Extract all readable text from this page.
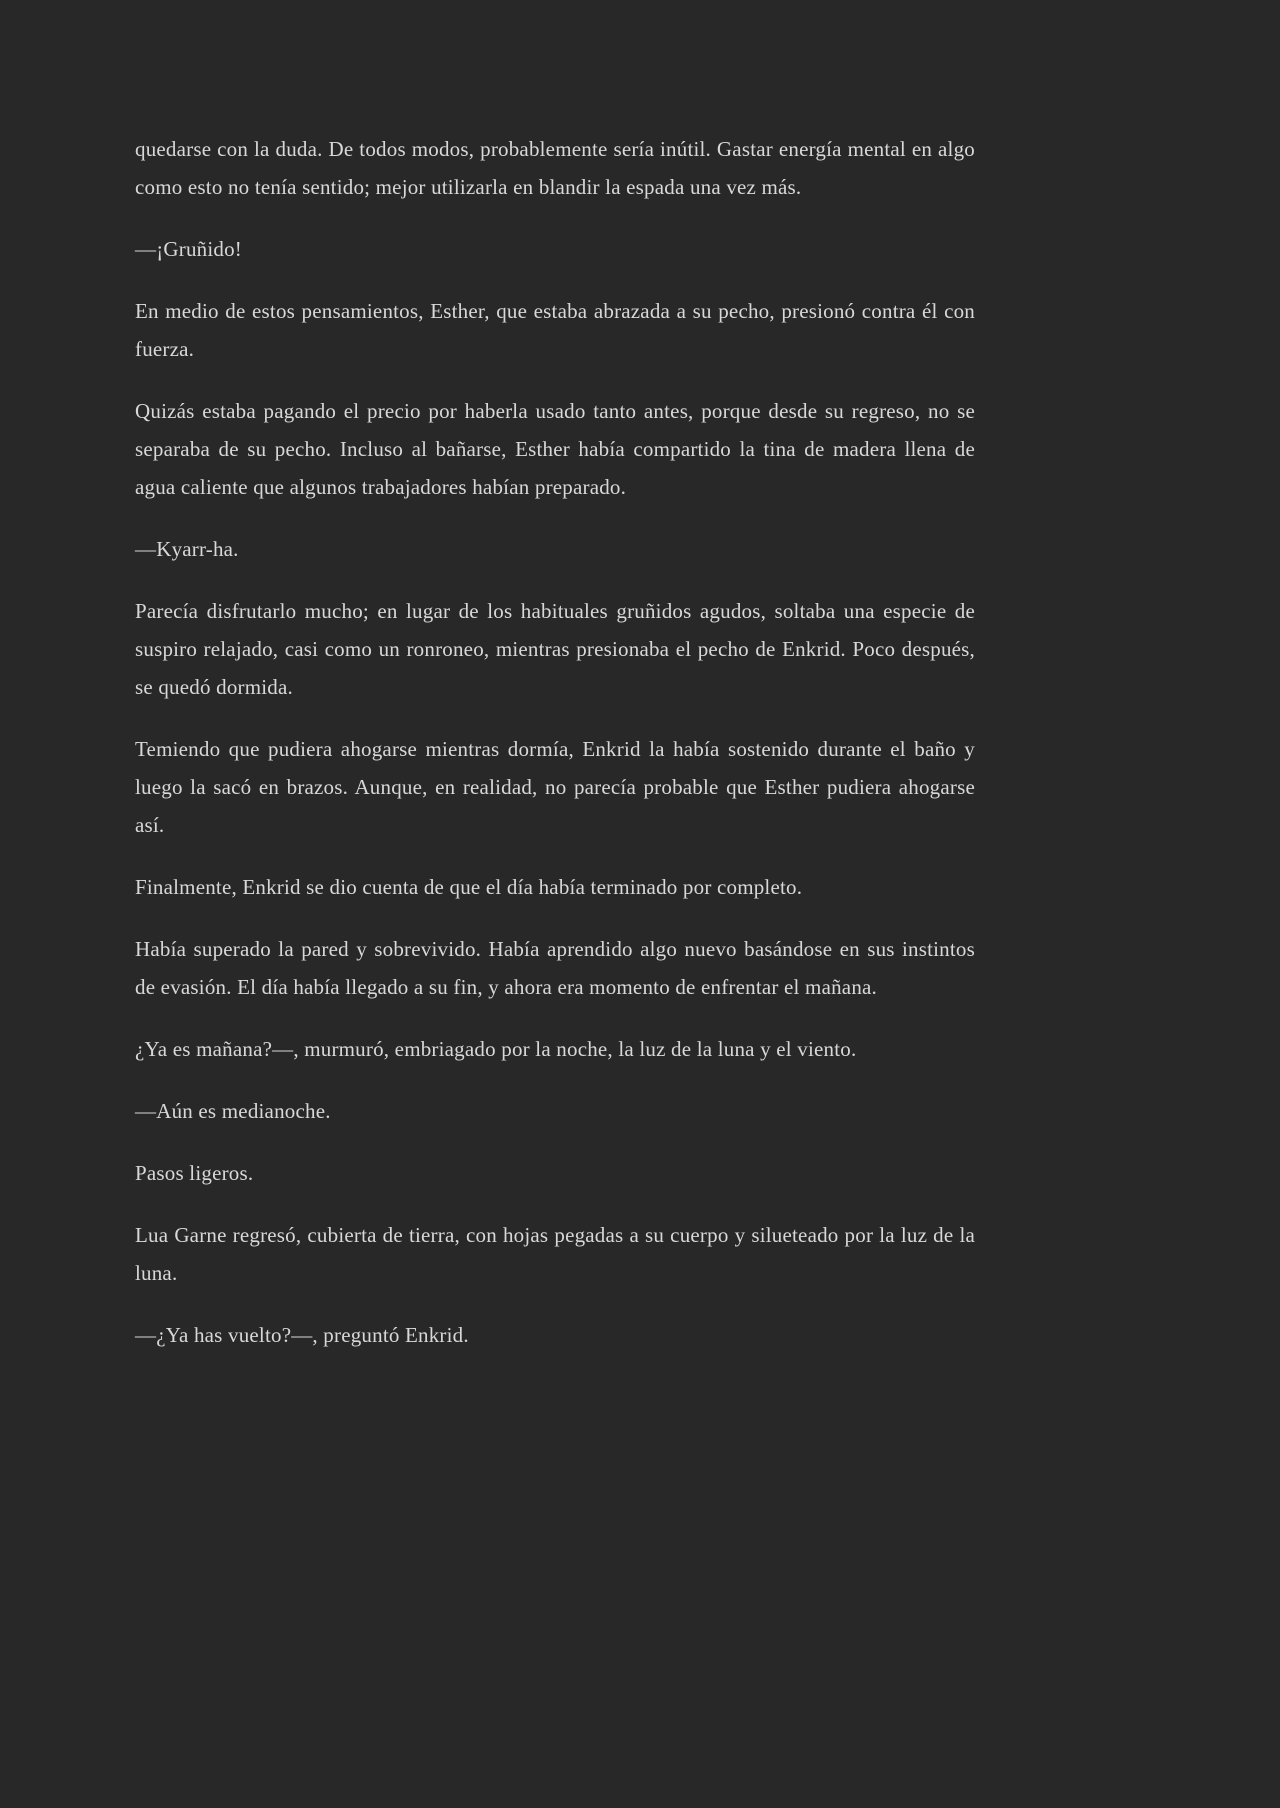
quedarse con la duda. De todos modos, probablemente sería inútil. Gastar energía mental en algo como esto no tenía sentido; mejor utilizarla en blandir la espada una vez más.

—¡Gruñido!

En medio de estos pensamientos, Esther, que estaba abrazada a su pecho, presionó contra él con fuerza.

Quizás estaba pagando el precio por haberla usado tanto antes, porque desde su regreso, no se separaba de su pecho. Incluso al bañarse, Esther había compartido la tina de madera llena de agua caliente que algunos trabajadores habían preparado.

—Kyarr-ha.

Parecía disfrutarlo mucho; en lugar de los habituales gruñidos agudos, soltaba una especie de suspiro relajado, casi como un ronroneo, mientras presionaba el pecho de Enkrid. Poco después, se quedó dormida.

Temiendo que pudiera ahogarse mientras dormía, Enkrid la había sostenido durante el baño y luego la sacó en brazos. Aunque, en realidad, no parecía probable que Esther pudiera ahogarse así.

Finalmente, Enkrid se dio cuenta de que el día había terminado por completo.

Había superado la pared y sobrevivido. Había aprendido algo nuevo basándose en sus instintos de evasión. El día había llegado a su fin, y ahora era momento de enfrentar el mañana.

¿Ya es mañana?—, murmuró, embriagado por la noche, la luz de la luna y el viento.

—Aún es medianoche.

Pasos ligeros.

Lua Garne regresó, cubierta de tierra, con hojas pegadas a su cuerpo y silueteado por la luz de la luna.

—¿Ya has vuelto?—, preguntó Enkrid.
